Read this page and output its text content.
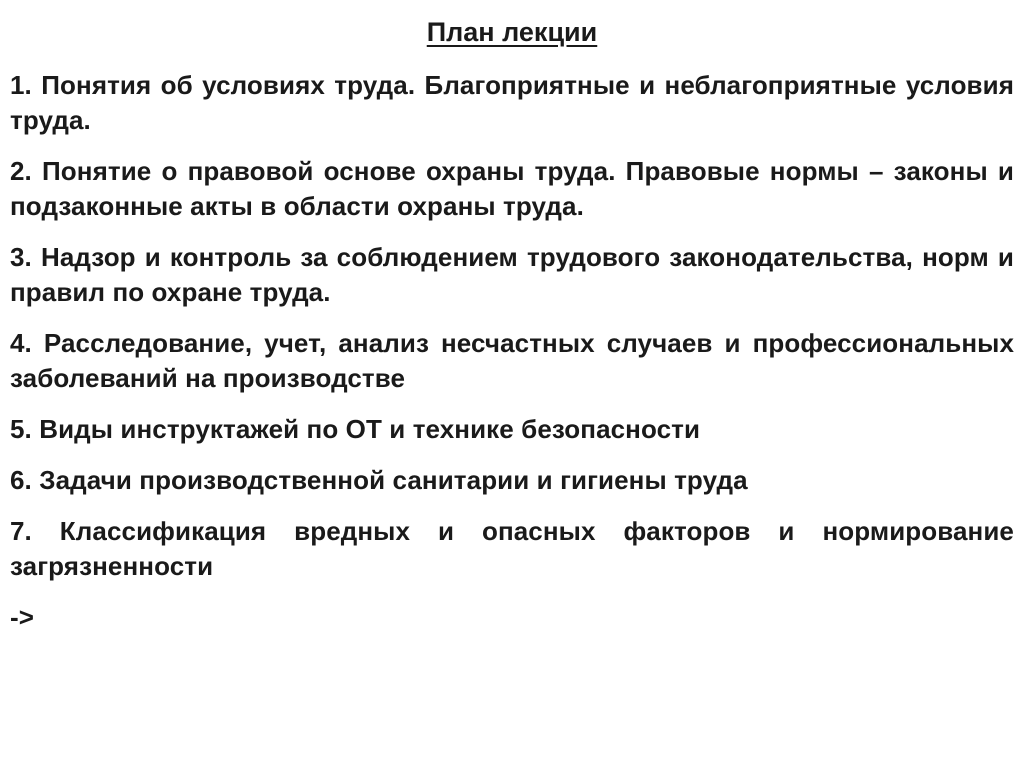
План лекции
1. Понятия об условиях труда. Благоприятные и неблагоприятные условия труда.
2. Понятие о правовой основе охраны труда. Правовые нормы – законы и подзаконные акты в области охраны труда.
3. Надзор и контроль за соблюдением трудового законодательства, норм и правил по охране труда.
4. Расследование, учет, анализ несчастных случаев и профессиональных заболеваний на производстве
5. Виды инструктажей по ОТ и технике безопасности
6. Задачи производственной санитарии и гигиены труда
7. Классификация вредных и опасных факторов и нормирование загрязненности
->
